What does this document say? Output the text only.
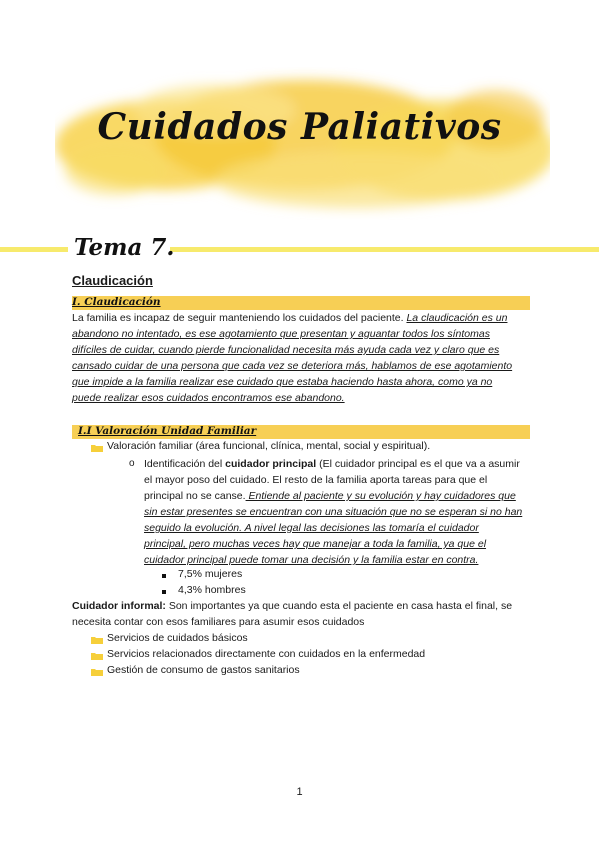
Cuidados Paliativos
Tema 7.
Claudicación
I. Claudicación
La familia es incapaz de seguir manteniendo los cuidados del paciente. La claudicación es un
abandono no intentado, es ese agotamiento que presentan y aguantar todos los síntomas
difíciles de cuidar, cuando pierde funcionalidad necesita más ayuda cada vez y claro que es
cansado cuidar de una persona que cada vez se deteriora más, hablamos de ese agotamiento
que impide a la familia realizar ese cuidado que estaba haciendo hasta ahora, como ya no
puede realizar esos cuidados encontramos ese abandono.
I.I Valoración Unidad Familiar
Valoración familiar (área funcional, clínica, mental, social y espiritual).
o Identificación del cuidador principal (El cuidador principal es el que va a asumir
el mayor poso del cuidado. El resto de la familia aporta tareas para que el
principal no se canse. Entiende al paciente y su evolución y hay cuidadores que
sin estar presentes se encuentran con una situación que no se esperan si no han
seguido la evolución. A nivel legal las decisiones las tomaría el cuidador
principal, pero muchas veces hay que manejar a toda la familia, ya que el
cuidador principal puede tomar una decisión y la familia estar en contra.
7,5% mujeres
4,3% hombres
Cuidador informal: Son importantes ya que cuando esta el paciente en casa hasta el final, se
necesita contar con esos familiares para asumir esos cuidados
Servicios de cuidados básicos
Servicios relacionados directamente con cuidados en la enfermedad
Gestión de consumo de gastos sanitarios
1
